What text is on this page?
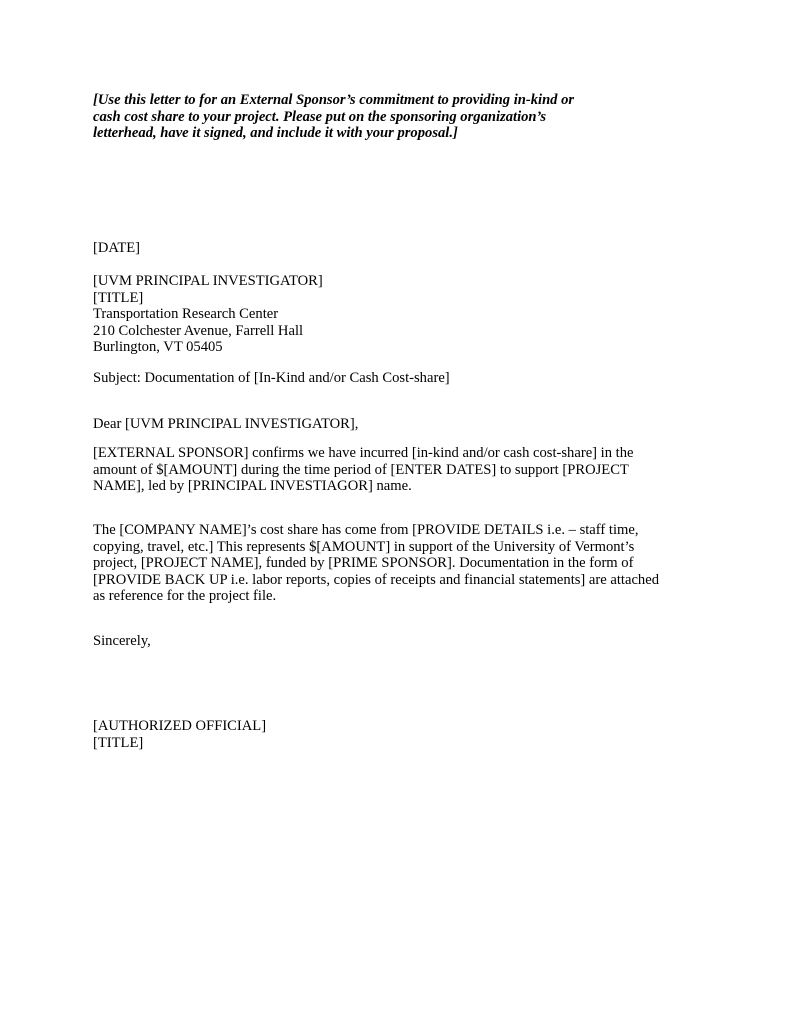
[Use this letter to for an External Sponsor’s commitment to providing in-kind or
cash cost share to your project. Please put on the sponsoring organization’s
letterhead, have it signed, and include it with your proposal.]
[DATE]
[UVM PRINCIPAL INVESTIGATOR]
[TITLE]
Transportation Research Center
210 Colchester Avenue, Farrell Hall
Burlington, VT 05405
Subject: Documentation of [In-Kind and/or Cash Cost-share]
Dear [UVM PRINCIPAL INVESTIGATOR],
[EXTERNAL SPONSOR] confirms we have incurred [in-kind and/or cash cost-share] in the
amount of $[AMOUNT] during the time period of [ENTER DATES] to support [PROJECT
NAME], led by [PRINCIPAL INVESTIAGOR] name.
The [COMPANY NAME]’s cost share has come from [PROVIDE DETAILS i.e. – staff time,
copying, travel, etc.] This represents $[AMOUNT] in support of the University of Vermont’s
project, [PROJECT NAME], funded by [PRIME SPONSOR]. Documentation in the form of
[PROVIDE BACK UP i.e. labor reports, copies of receipts and financial statements] are attached
as reference for the project file.
Sincerely,
[AUTHORIZED OFFICIAL]
[TITLE]
